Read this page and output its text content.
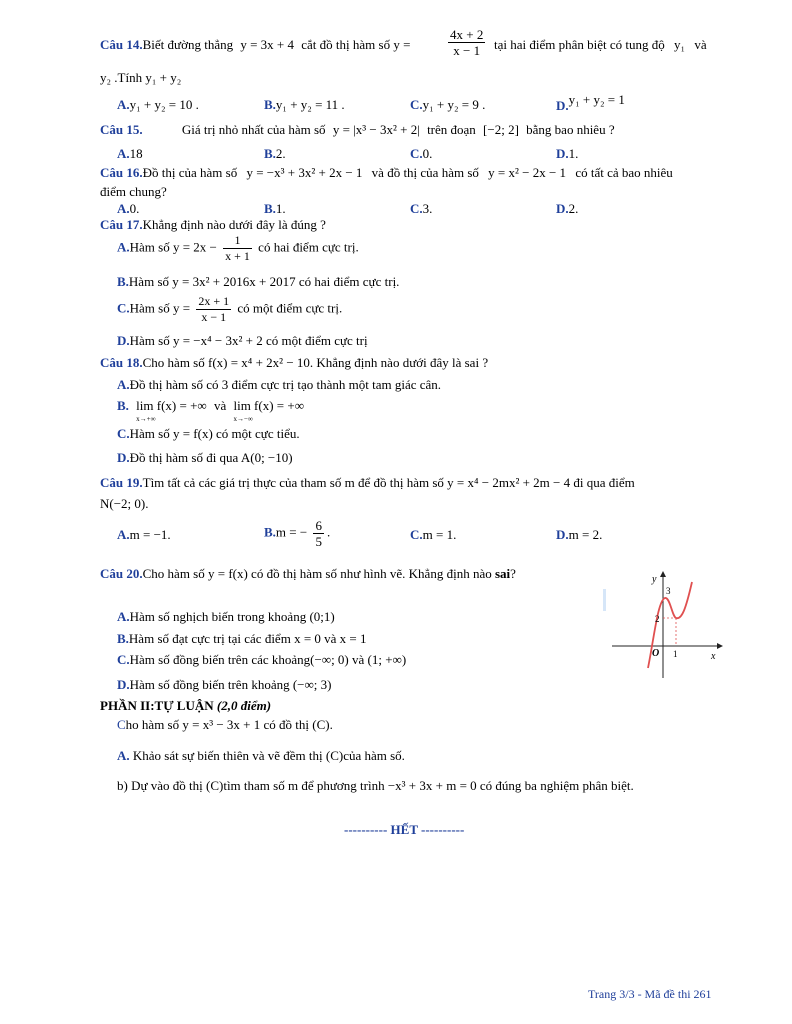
Câu 14.Biết đường thẳng y = 3x + 4 cắt đồ thị hàm số y =	$\frac{4x + 2}{x - 1}$ tại hai điểm phân biệt có tung độ y₁ và
y₂ .Tính y₁ + y₂
A.y₁ + y₂ = 10 .	B.y₁ + y₂ = 11 .	C.y₁ + y₂ = 9 .	D.y₁ + y₂ = 1
Câu 15.	Giá trị nhỏ nhất của hàm số y = |x³ − 3x² + 2| trên đoạn [−2; 2] bằng bao nhiêu ?
A.18	B.2.	C.0.	D.1.
Câu 16.Đồ thị của hàm số y = −x³ + 3x² + 2x − 1 và đồ thị của hàm số y = x² − 2x − 1 có tất cả bao nhiêu
điểm chung?
A.0.	B.1.	C.3.	D.2.
Câu 17.Khẳng định nào dưới đây là đúng ?
A.Hàm số $y = 2x - \frac{1}{x + 1}$ có hai điểm cực trị.
B.Hàm số y = 3x² + 2016x + 2017 có hai điểm cực trị.
C.Hàm số $y = \frac{2x + 1}{x - 1}$ có một điểm cực trị.
D.Hàm số y = −x⁴ − 3x² + 2 có một điểm cực trị
Câu 18.Cho hàm số f(x) = x⁴ + 2x² − 10. Khẳng định nào dưới đây là sai ?
A.Đồ thị hàm số có 3 điểm cực trị tạo thành một tam giác cân.
B. lim f(x) = +∞
x→+∞
và lim f(x) = +∞
x→−∞
C.Hàm số y = f(x) có một cực tiểu.
D.Đồ thị hàm số đi qua A(0; −10)
Câu 19.Tìm tất cả các giá trị thực của tham số m để đồ thị hàm số y = x⁴ − 2mx² + 2m − 4 đi qua điểm
N(−2; 0).
A.m = −1.	B.m = − $\frac{6}{5}$ .	C.m = 1.	D.m = 2.
Câu 20.Cho hàm số y = f(x) có đồ thị hàm số như hình vẽ. Khẳng định nào sai?
A.Hàm số nghịch biến trong khoảng (0;1)
B.Hàm số đạt cực trị tại các điểm x = 0 và x = 1
C.Hàm số đồng biến trên các khoảng(−∞; 0) và (1; +∞)
D.Hàm số đồng biến trên khoảng (−∞; 3)
y
x
O 1
2
3
PHẦN II:TỰ LUẬN (2,0 điểm)
Cho hàm số y = x³ − 3x + 1 có đồ thị (C).
A. Khảo sát sự biến thiên và vẽ đềm thị (C)của hàm số.
b) Dự vào đồ thị (C)tìm tham số m để phương trình −x³ + 3x + m = 0 có đúng ba nghiệm phân biệt.
---------- HẾT ----------
Trang 3/3 - Mã đề thi 261
